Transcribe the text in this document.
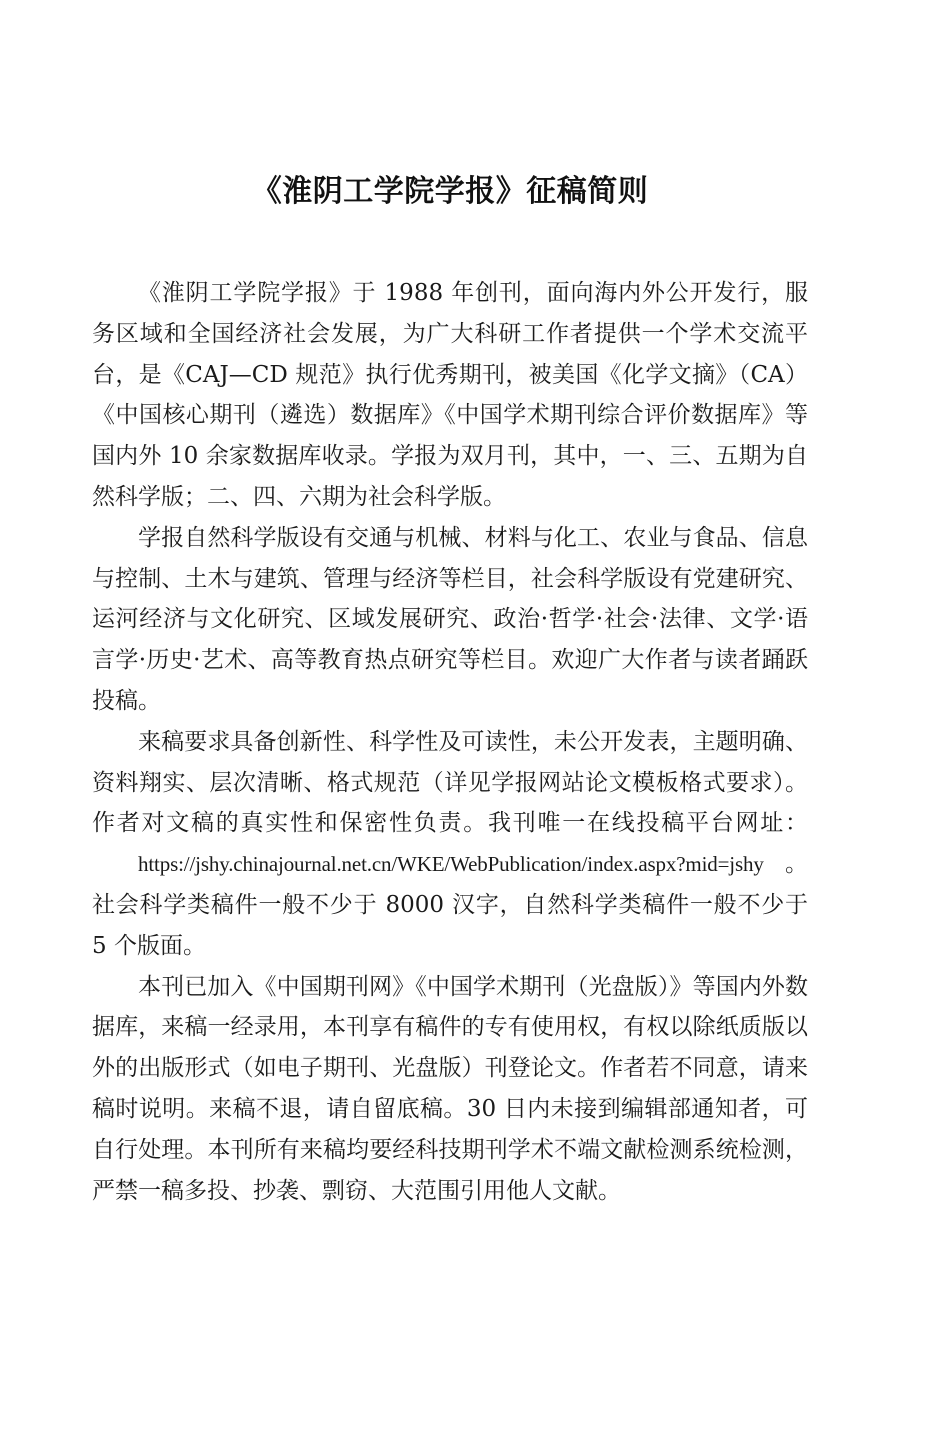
《淮阴工学院学报》征稿简则

《淮阴工学院学报》于 1988 年创刊，面向海内外公开发行，服务区域和全国经济社会发展，为广大科研工作者提供一个学术交流平台，是《CAJ—CD 规范》执行优秀期刊，被美国《化学文摘》（CA）《中国核心期刊（遴选）数据库》《中国学术期刊综合评价数据库》等国内外 10 余家数据库收录。学报为双月刊，其中，一、三、五期为自然科学版；二、四、六期为社会科学版。

学报自然科学版设有交通与机械、材料与化工、农业与食品、信息与控制、土木与建筑、管理与经济等栏目，社会科学版设有党建研究、运河经济与文化研究、区域发展研究、政治·哲学·社会·法律、文学·语言学·历史·艺术、高等教育热点研究等栏目。欢迎广大作者与读者踊跃投稿。

来稿要求具备创新性、科学性及可读性，未公开发表，主题明确、资料翔实、层次清晰、格式规范（详见学报网站论文模板格式要求）。作者对文稿的真实性和保密性负责。我刊唯一在线投稿平台网址：https://jshy.chinajournal.net.cn/WKE/WebPublication/index.aspx?mid=jshy。社会科学类稿件一般不少于 8000 汉字，自然科学类稿件一般不少于 5 个版面。

本刊已加入《中国期刊网》《中国学术期刊（光盘版）》等国内外数据库，来稿一经录用，本刊享有稿件的专有使用权，有权以除纸质版以外的出版形式（如电子期刊、光盘版）刊登论文。作者若不同意，请来稿时说明。来稿不退，请自留底稿。30 日内未接到编辑部通知者，可自行处理。本刊所有来稿均要经科技期刊学术不端文献检测系统检测，严禁一稿多投、抄袭、剽窃、大范围引用他人文献。
